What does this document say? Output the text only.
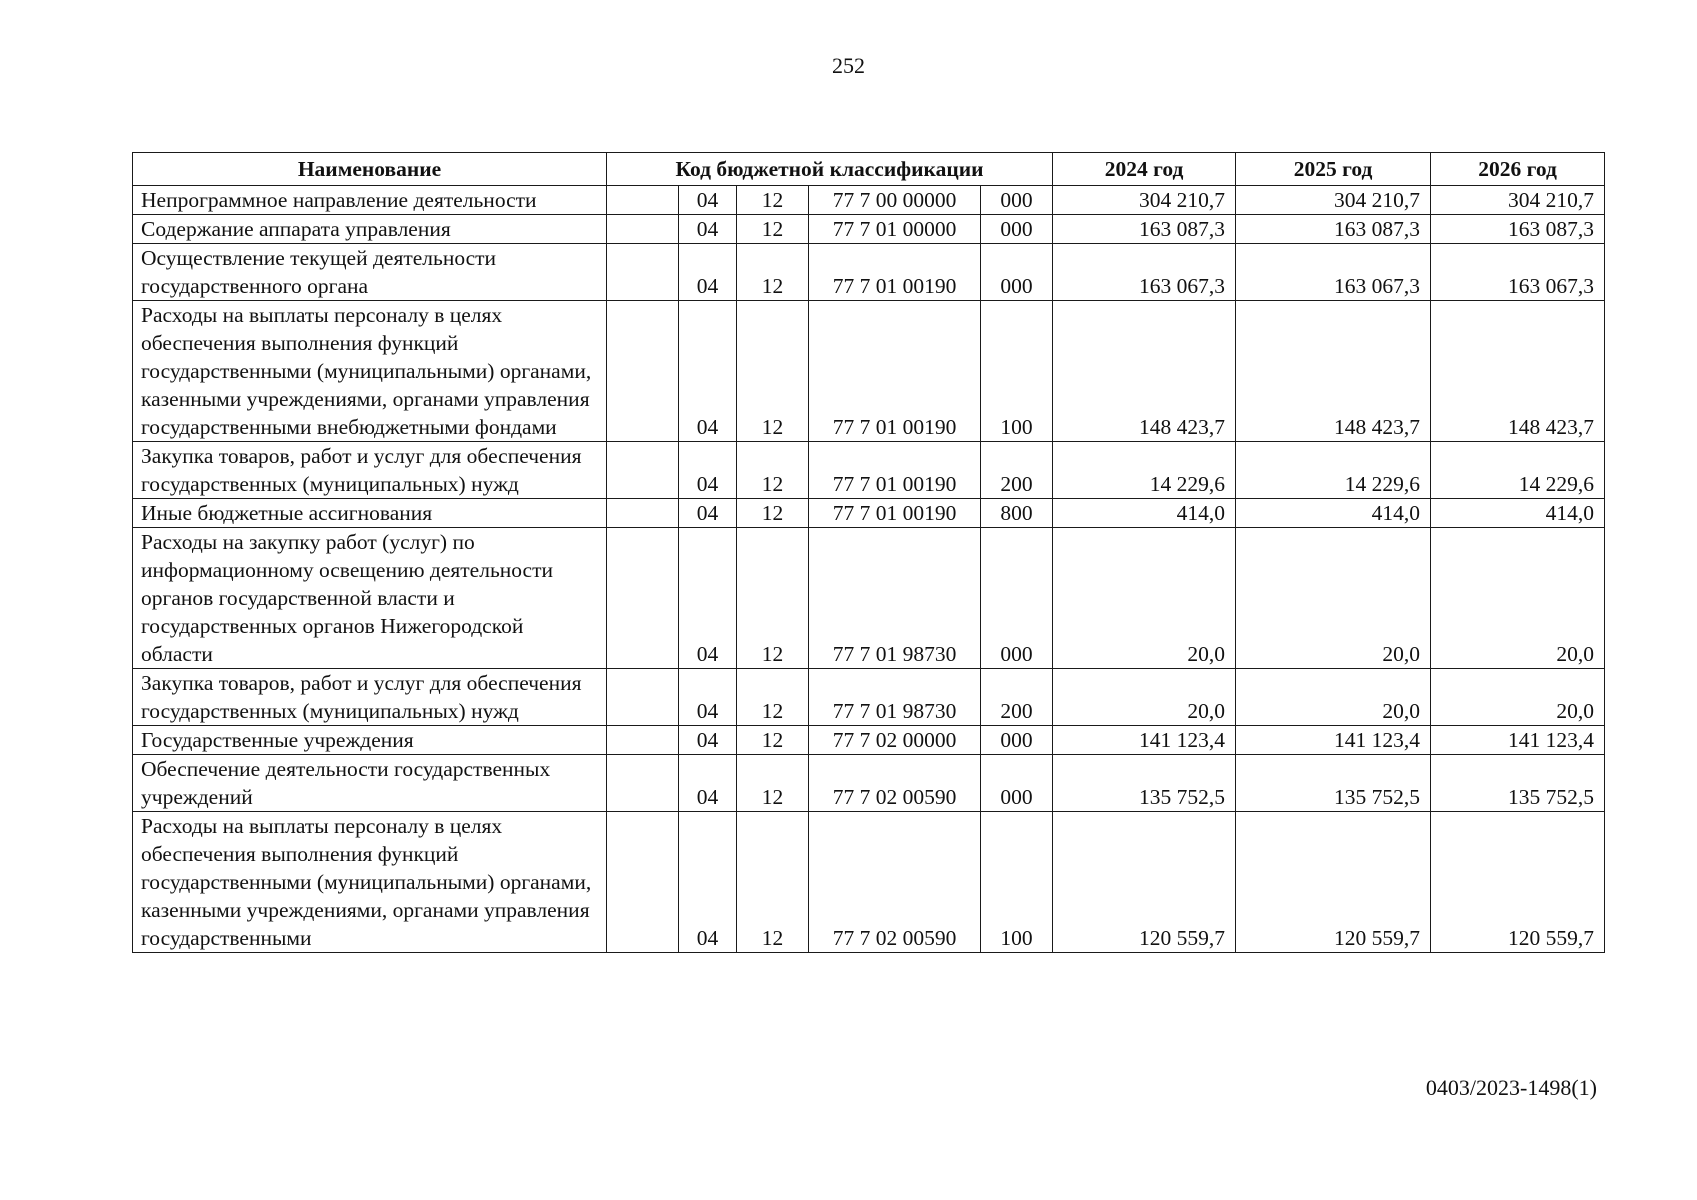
252
Наименование	Код бюджетной классификации					2024 год	2025 год	2026 год
Непрограммное направление деятельности		04	12	77 7 00 00000	000	304 210,7	304 210,7	304 210,7
Содержание аппарата управления		04	12	77 7 01 00000	000	163 087,3	163 087,3	163 087,3
Осуществление текущей деятельности государственного органа		04	12	77 7 01 00190	000	163 067,3	163 067,3	163 067,3
Расходы на выплаты персоналу в целях обеспечения выполнения функций государственными (муниципальными) органами, казенными учреждениями, органами управления государственными внебюджетными фондами		04	12	77 7 01 00190	100	148 423,7	148 423,7	148 423,7
Закупка товаров, работ и услуг для обеспечения государственных (муниципальных) нужд		04	12	77 7 01 00190	200	14 229,6	14 229,6	14 229,6
Иные бюджетные ассигнования		04	12	77 7 01 00190	800	414,0	414,0	414,0
Расходы на закупку работ (услуг) по информационному освещению деятельности органов государственной власти и государственных органов Нижегородской области		04	12	77 7 01 98730	000	20,0	20,0	20,0
Закупка товаров, работ и услуг для обеспечения государственных (муниципальных) нужд		04	12	77 7 01 98730	200	20,0	20,0	20,0
Государственные учреждения		04	12	77 7 02 00000	000	141 123,4	141 123,4	141 123,4
Обеспечение деятельности государственных учреждений		04	12	77 7 02 00590	000	135 752,5	135 752,5	135 752,5
Расходы на выплаты персоналу в целях обеспечения выполнения функций государственными (муниципальными) органами, казенными учреждениями, органами управления государственными		04	12	77 7 02 00590	100	120 559,7	120 559,7	120 559,7
0403/2023-1498(1)
